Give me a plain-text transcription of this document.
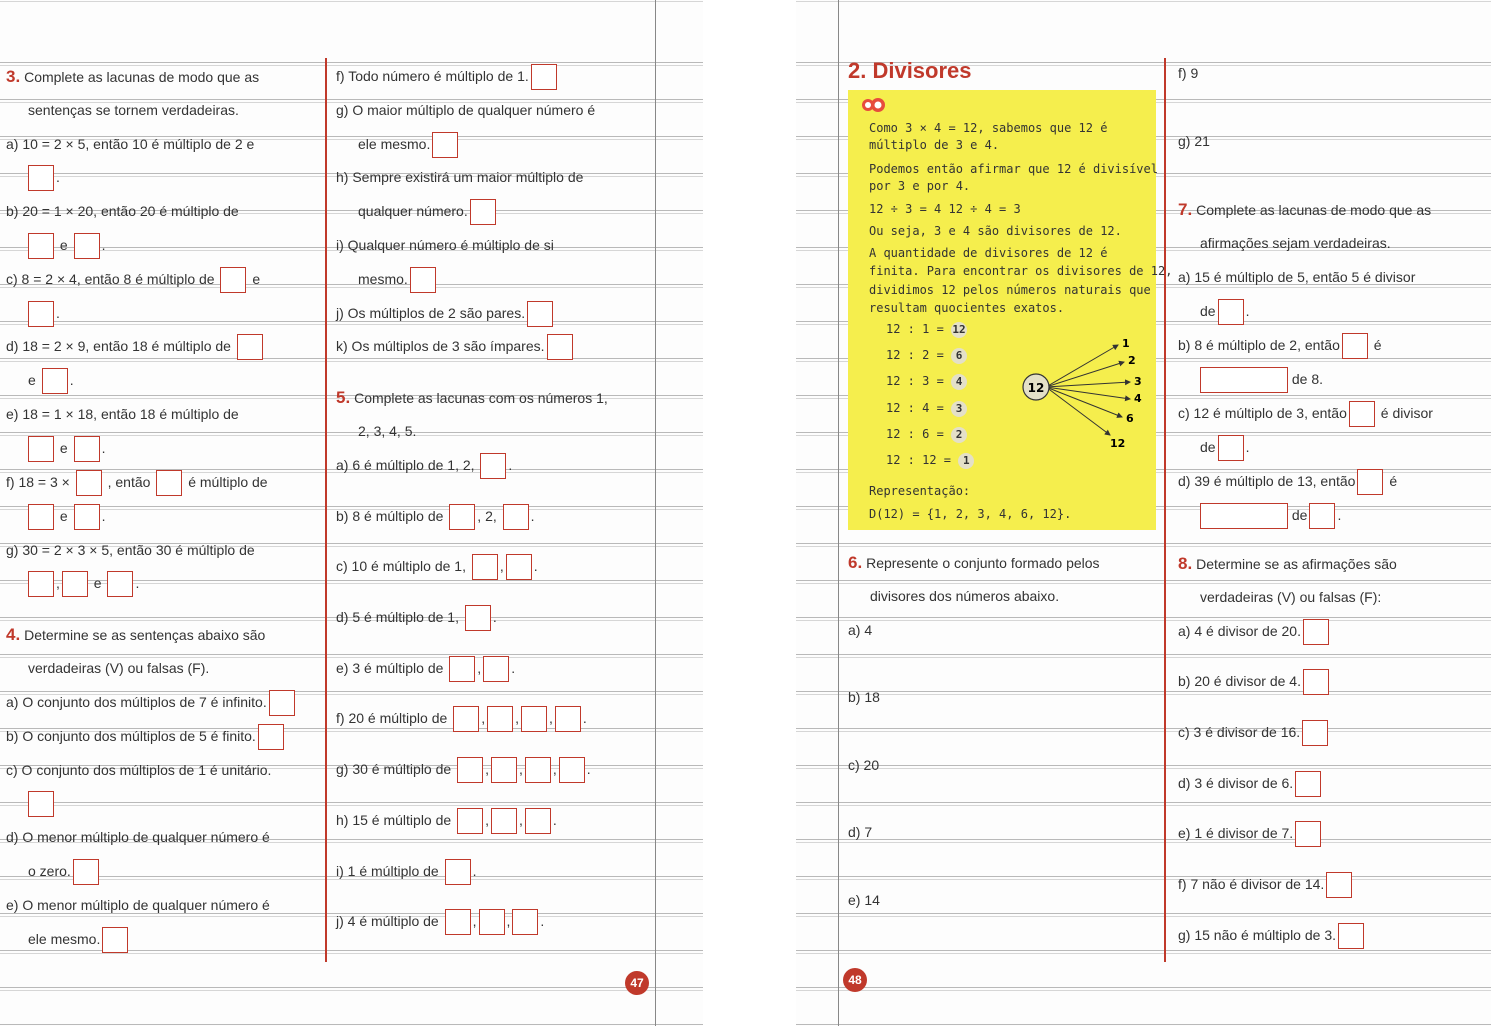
3. Complete as lacunas de modo que as
sentenças se tornem verdadeiras.
a) 10 = 2 × 5, então 10 é múltiplo de 2 e
.
b) 20 = 1 × 20, então 20 é múltiplo de
e .
c) 8 = 2 × 4, então 8 é múltiplo de	e
.
d) 18 = 2 × 9, então 18 é múltiplo de
e .
e) 18 = 1 × 18, então 18 é múltiplo de
e .
f) 18 = 3 ×	, então	é múltiplo de
e .
g) 30 = 2 × 3 × 5, então 30 é múltiplo de
, e .
4. Determine se as sentenças abaixo são
verdadeiras (V) ou falsas (F).
a) O conjunto dos múltiplos de 7 é infinito.
b) O conjunto dos múltiplos de 5 é finito.
c) O conjunto dos múltiplos de 1 é unitário.
d) O menor múltiplo de qualquer número é
o zero.
e) O menor múltiplo de qualquer número é
ele mesmo.
f) Todo número é múltiplo de 1.
g) O maior múltiplo de qualquer número é
ele mesmo.
h) Sempre existirá um maior múltiplo de
qualquer número.
i) Qualquer número é múltiplo de si
mesmo.
j) Os múltiplos de 2 são pares.
k) Os múltiplos de 3 são ímpares.
5. Complete as lacunas com os números 1,
2, 3, 4, 5.
a) 6 é múltiplo de 1, 2, .
b) 8 é múltiplo de , 2, .
c) 10 é múltiplo de 1, , .
d) 5 é múltiplo de 1, .
e) 3 é múltiplo de , .
f) 20 é múltiplo de , , , .
g) 30 é múltiplo de , , , .
h) 15 é múltiplo de , , .
i) 1 é múltiplo de .
j) 4 é múltiplo de , , .
47
2. Divisores
Como 3 × 4 = 12, sabemos que 12 é
múltiplo de 3 e 4.
Podemos então afirmar que 12 é divisível
por 3 e por 4.
12 ÷ 3 = 4 12 ÷ 4 = 3
Ou seja, 3 e 4 são divisores de 12.
A quantidade de divisores de 12 é
finita. Para encontrar os divisores de 12,
dividimos 12 pelos números naturais que
resultam quocientes exatos.
12 : 1 = 12
12 : 2 = 6
12 : 3 = 4
12 : 4 = 3
12 : 6 = 2
12 : 12 = 1
12
1
2
3
4
6
12
Representação:
D(12) = {1, 2, 3, 4, 6, 12}.
6. Represente o conjunto formado pelos
divisores dos números abaixo.
a) 4
b) 18
c) 20
d) 7
e) 14
f) 9
g) 21
7. Complete as lacunas de modo que as
afirmações sejam verdadeiras.
a) 15 é múltiplo de 5, então 5 é divisor
de .
b) 8 é múltiplo de 2, então é
de 8.
c) 12 é múltiplo de 3, então é divisor
de .
d) 39 é múltiplo de 13, então é
de .
8. Determine se as afirmações são
verdadeiras (V) ou falsas (F):
a) 4 é divisor de 20.
b) 20 é divisor de 4.
c) 3 é divisor de 16.
d) 3 é divisor de 6.
e) 1 é divisor de 7.
f) 7 não é divisor de 14.
g) 15 não é múltiplo de 3.
48
